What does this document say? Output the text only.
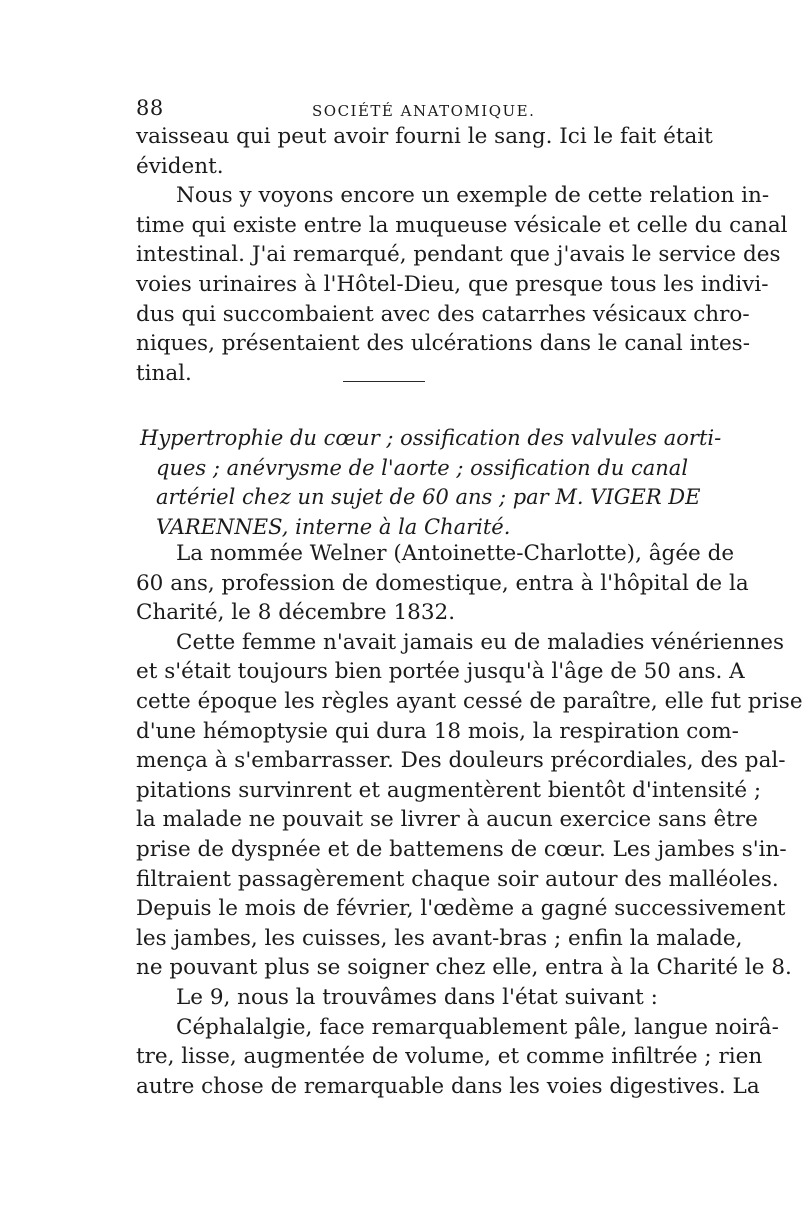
88	SOCIÉTÉ ANATOMIQUE.
vaisseau qui peut avoir fourni le sang. Ici le fait était
évident.
Nous y voyons encore un exemple de cette relation in-
time qui existe entre la muqueuse vésicale et celle du canal
intestinal. J'ai remarqué, pendant que j'avais le service des
voies urinaires à l'Hôtel-Dieu, que presque tous les indivi-
dus qui succombaient avec des catarrhes vésicaux chro-
niques, présentaient des ulcérations dans le canal intes-
tinal.
Hypertrophie du cœur ; ossification des valvules aorti-
ques ; anévrysme de l'aorte ; ossification du canal
artériel chez un sujet de 60 ans ; par M. VIGER DE
VARENNES, interne à la Charité.
La nommée Welner (Antoinette-Charlotte), âgée de
60 ans, profession de domestique, entra à l'hôpital de la
Charité, le 8 décembre 1832.
Cette femme n'avait jamais eu de maladies vénériennes
et s'était toujours bien portée jusqu'à l'âge de 50 ans. A
cette époque les règles ayant cessé de paraître, elle fut prise
d'une hémoptysie qui dura 18 mois, la respiration com-
mença à s'embarrasser. Des douleurs précordiales, des pal-
pitations survinrent et augmentèrent bientôt d'intensité ;
la malade ne pouvait se livrer à aucun exercice sans être
prise de dyspnée et de battemens de cœur. Les jambes s'in-
filtraient passagèrement chaque soir autour des malléoles.
Depuis le mois de février, l'œdème a gagné successivement
les jambes, les cuisses, les avant-bras ; enfin la malade,
ne pouvant plus se soigner chez elle, entra à la Charité le 8.
Le 9, nous la trouvâmes dans l'état suivant :
Céphalalgie, face remarquablement pâle, langue noirâ-
tre, lisse, augmentée de volume, et comme infiltrée ; rien
autre chose de remarquable dans les voies digestives. La
